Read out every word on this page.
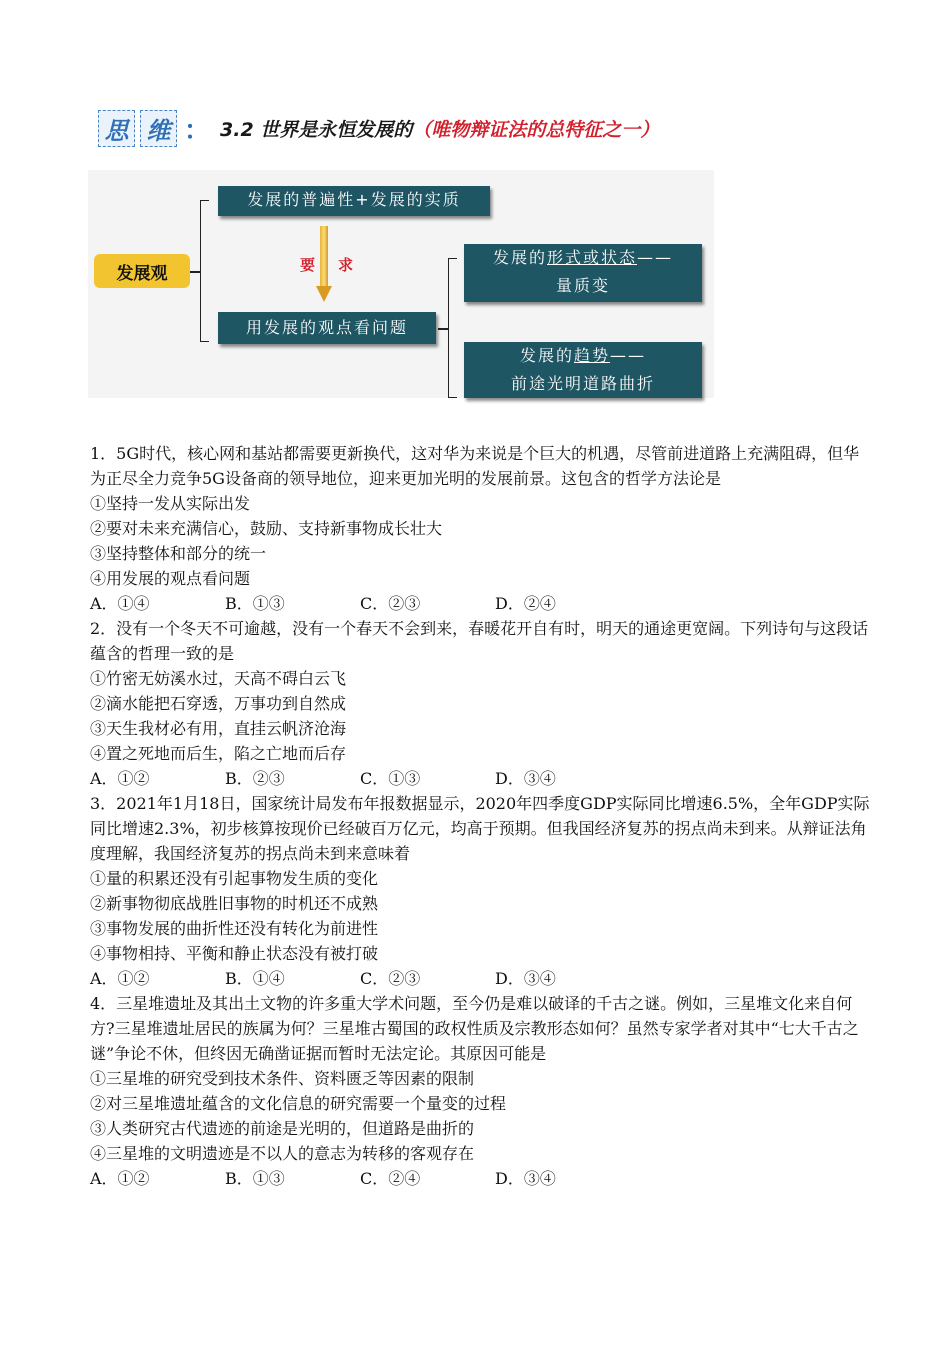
思 维 ： 3.2 世界是永恒发展的 （唯物辩证法的总特征之一）
发展观
发展的普遍性+发展的实质
要 求
用发展的观点看问题
发展的形式或状态——
量质变
发展的趋势——
前途光明道路曲折

1．5G时代，核心网和基站都需要更新换代，这对华为来说是个巨大的机遇，尽管前进道路上充满阻碍，但华为正尽全力竞争5G设备商的领导地位，迎来更加光明的发展前景。这包含的哲学方法论是

①坚持一发从实际出发

②要对未来充满信心，鼓励、支持新事物成长壮大

③坚持整体和部分的统一

④用发展的观点看问题

A．①④	B．①③	C．②③	D．②④

2．没有一个冬天不可逾越，没有一个春天不会到来，春暖花开自有时，明天的通途更宽阔。下列诗句与这段话蕴含的哲理一致的是

①竹密无妨溪水过，天高不碍白云飞

②滴水能把石穿透，万事功到自然成

③天生我材必有用，直挂云帆济沧海

④置之死地而后生，陷之亡地而后存

A．①②	B．②③	C．①③	D．③④

3．2021年1月18日，国家统计局发布年报数据显示，2020年四季度GDP实际同比增速6.5%，全年GDP实际同比增速2.3%，初步核算按现价已经破百万亿元，均高于预期。但我国经济复苏的拐点尚未到来。从辩证法角度理解，我国经济复苏的拐点尚未到来意味着

①量的积累还没有引起事物发生质的变化

②新事物彻底战胜旧事物的时机还不成熟

③事物发展的曲折性还没有转化为前进性

④事物相持、平衡和静止状态没有被打破

A．①②	B．①④	C．②③	D．③④

4．三星堆遗址及其出土文物的许多重大学术问题，至今仍是难以破译的千古之谜。例如，三星堆文化来自何方?三星堆遗址居民的族属为何？三星堆古蜀国的政权性质及宗教形态如何？虽然专家学者对其中“七大千古之谜”争论不休，但终因无确凿证据而暂时无法定论。其原因可能是

①三星堆的研究受到技术条件、资料匮乏等因素的限制

②对三星堆遗址蕴含的文化信息的研究需要一个量变的过程

③人类研究古代遗迹的前途是光明的，但道路是曲折的

④三星堆的文明遗迹是不以人的意志为转移的客观存在

A．①②	B．①③	C．②④	D．③④
